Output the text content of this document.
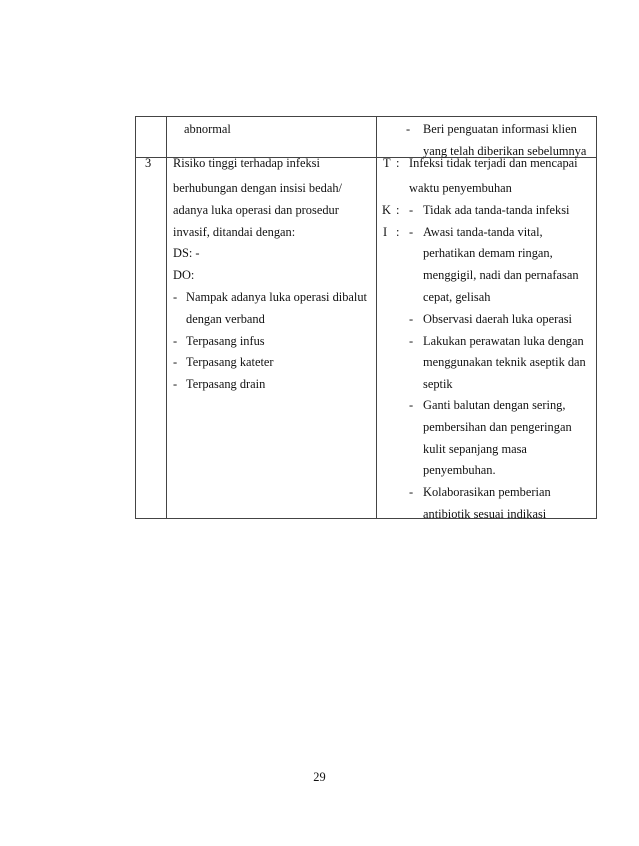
abnormal	- Beri penguatan informasi klien
yang telah diberikan sebelumnya
3 Risiko tinggi terhadap infeksi
berhubungan dengan insisi bedah/
adanya luka operasi dan prosedur
invasif, ditandai dengan:
DS: -
DO:
- Nampak adanya luka operasi dibalut
dengan verband
- Terpasang infus
- Terpasang kateter
- Terpasang drain
T :
K :
I :
Infeksi tidak terjadi dan mencapai
waktu penyembuhan
- Tidak ada tanda-tanda infeksi
- Awasi tanda-tanda vital,
perhatikan demam ringan,
menggigil, nadi dan pernafasan
cepat, gelisah
- Observasi daerah luka operasi
- Lakukan perawatan luka dengan
menggunakan teknik aseptik dan
septik
- Ganti balutan dengan sering,
pembersihan dan pengeringan
kulit sepanjang masa
penyembuhan.
- Kolaborasikan pemberian
antibiotik sesuai indikasi
29
